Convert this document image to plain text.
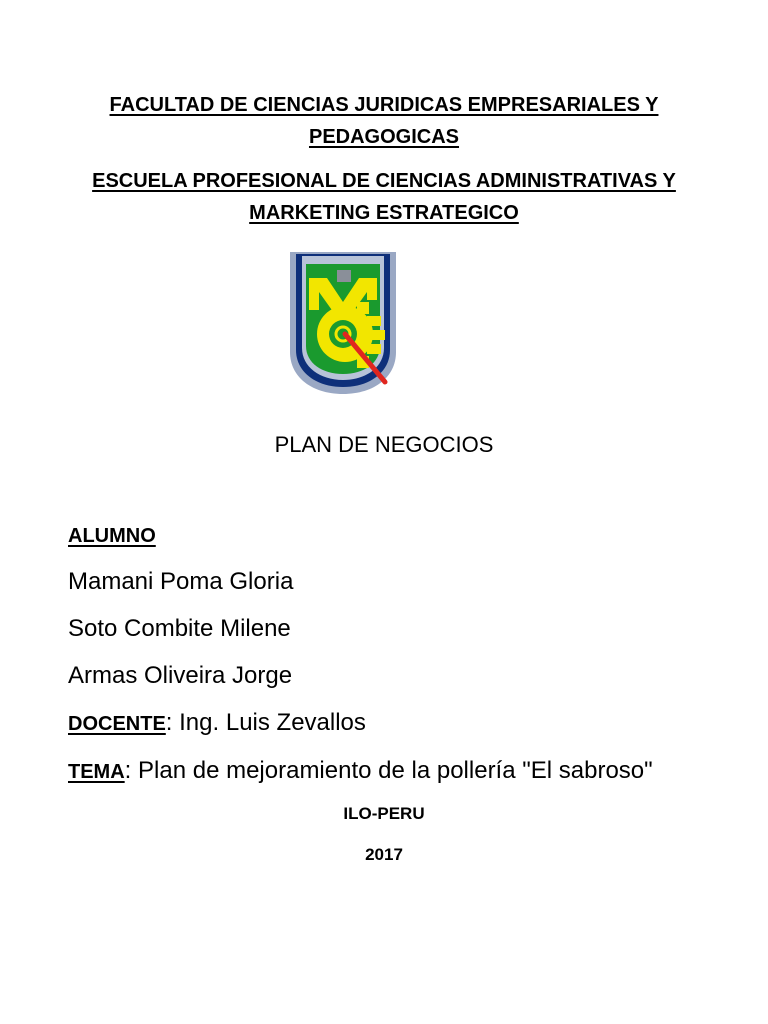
FACULTAD DE CIENCIAS JURIDICAS EMPRESARIALES Y PEDAGOGICAS
ESCUELA PROFESIONAL DE CIENCIAS ADMINISTRATIVAS Y MARKETING ESTRATEGICO
PLAN DE NEGOCIOS
ALUMNO
Mamani Poma Gloria
Soto Combite Milene
Armas Oliveira Jorge
DOCENTE: Ing. Luis Zevallos
TEMA: Plan de mejoramiento de la pollería "El sabroso"
ILO-PERU
2017
